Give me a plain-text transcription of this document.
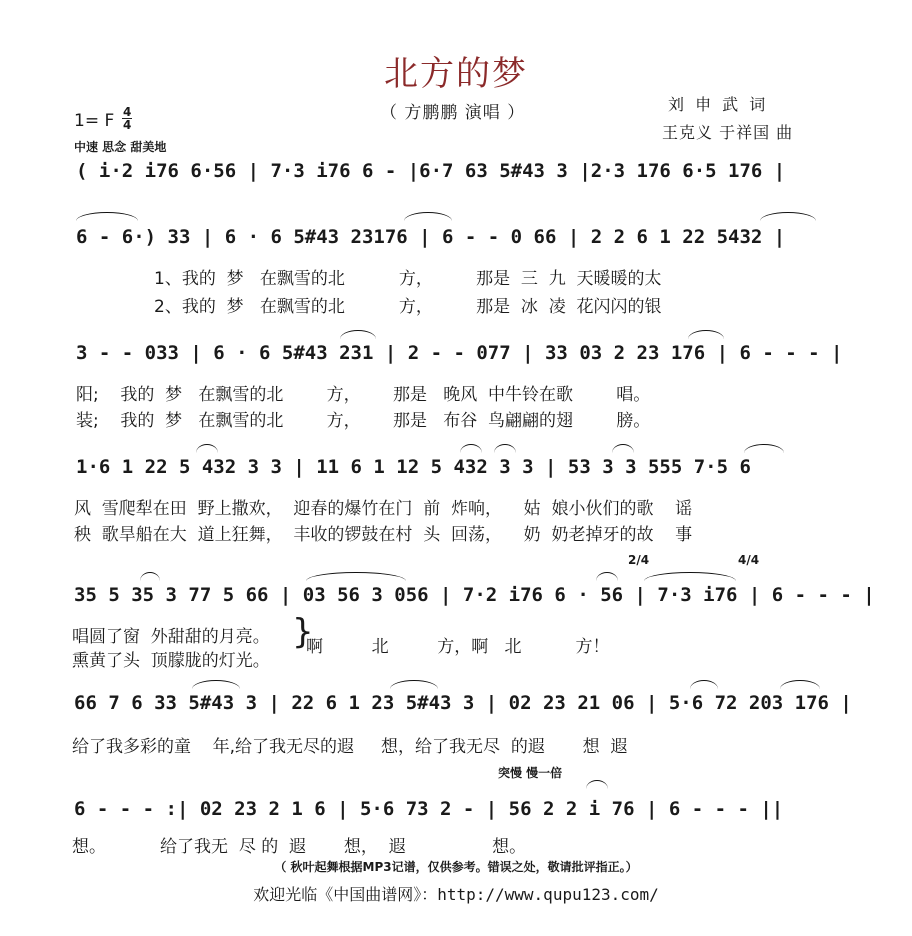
北方的梦
（ 方鹏鹏 演唱 ）	刘 申 武 词
王克义 于祥国 曲
1= F $\frac{4}{4}$
中速 思念 甜美地
( i·2 i76 6·56 | 7·3 i76 6 - |6·7 63 5#43 3 |2·3 176 6·5 176 |
6 - 6·) 33 | 6 · 6 5#43 23176 | 6 - - 0 66 | 2 2 6 1 22 5432 |
1、我的  梦   在飘雪的北          方，        那是  三  九  天暖暖的太
2、我的  梦   在飘雪的北          方，        那是  冰  凌  花闪闪的银
3 - - 033 | 6 · 6 5#43 231 | 2 - - 077 | 33 03 2 23 176 | 6 - - - |
阳;    我的  梦   在飘雪的北        方，      那是   晚风  中牛铃在歌        唱。
装;    我的  梦   在飘雪的北        方，      那是   布谷  鸟翩翩的翅        膀。
1·6 1 22 5 432 3 3 | 11 6 1 12 5 432 3 3 | 53 3 3 555 7·5 6
风  雪爬犁在田  野上撒欢，  迎春的爆竹在门  前  炸响，    姑  娘小伙们的歌    谣
秧  歌旱船在大  道上狂舞，  丰收的锣鼓在村  头  回荡，    奶  奶老掉牙的故    事
2/4	4/4
35 5 35 3 77 5 66 | 03 56 3 056 | 7·2 i76 6 · 56 | 7·3 i76 | 6 - - - |
唱圆了窗  外甜甜的月亮。
熏黄了头  顶朦胧的灯光。
}
啊         北         方，啊   北          方！
66 7 6 33 5#43 3 | 22 6 1 23 5#43 3 | 02 23 21 06 | 5·6 72 203 176 |
给了我多彩的童    年,给了我无尽的遐     想，给了我无尽  的遐       想  遐
突慢 慢一倍
6 - - - :| 02 23 2 1 6 | 5·6 73 2 - | 56 2 2 i 76 | 6 - - - ||
想。          给了我无  尽 的  遐       想，  遐                想。
（ 秋叶起舞根据MP3记谱，仅供参考。错误之处，敬请批评指正。）
欢迎光临《中国曲谱网》：http://www.qupu123.com/
